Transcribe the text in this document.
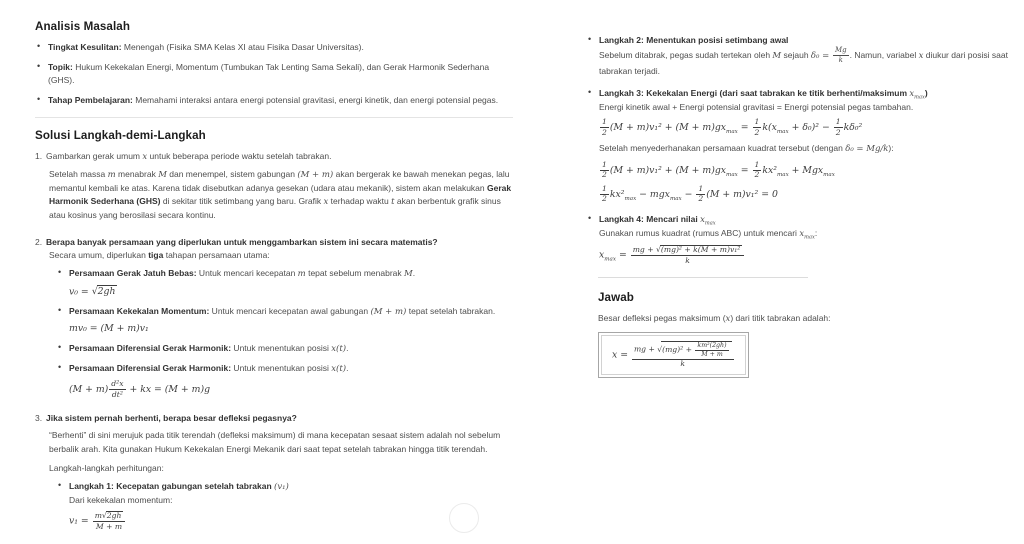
Analisis Masalah
• Tingkat Kesulitan: Menengah (Fisika SMA Kelas XI atau Fisika Dasar Universitas).
• Topik: Hukum Kekekalan Energi, Momentum (Tumbukan Tak Lenting Sama Sekali), dan Gerak Harmonik Sederhana (GHS).
• Tahap Pembelajaran: Memahami interaksi antara energi potensial gravitasi, energi kinetik, dan energi potensial pegas.
Solusi Langkah-demi-Langkah
1. Gambarkan gerak umum x untuk beberapa periode waktu setelah tabrakan.
Setelah massa m menabrak M dan menempel, sistem gabungan (M + m) akan bergerak ke bawah menekan pegas, lalu memantul kembali ke atas. Karena tidak disebutkan adanya gesekan (udara atau mekanik), sistem akan melakukan Gerak Harmonik Sederhana (GHS) di sekitar titik setimbang yang baru. Grafik x terhadap waktu t akan berbentuk grafik sinus atau kosinus yang berosilasi secara kontinu.
2. Berapa banyak persamaan yang diperlukan untuk menggambarkan sistem ini secara matematis?
Secara umum, diperlukan tiga tahapan persamaan utama:
• Persamaan Gerak Jatuh Bebas: Untuk mencari kecepatan m tepat sebelum menabrak M.
v₀ = √2gh
• Persamaan Kekekalan Momentum: Untuk mencari kecepatan awal gabungan (M + m) tepat setelah tabrakan.
mv₀ = (M + m)v₁
• Persamaan Diferensial Gerak Harmonik: Untuk menentukan posisi x(t).
• Persamaan Diferensial Gerak Harmonik: Untuk menentukan posisi x(t).
$(M + m) \frac{\text{d²x}}{\text{dt²}}$ + kx = (M + m)g
3. Jika sistem pernah berhenti, berapa besar defleksi pegasnya?
“Berhenti” di sini merujuk pada titik terendah (defleksi maksimum) di mana kecepatan sesaat sistem adalah nol sebelum berbalik arah. Kita gunakan Hukum Kekekalan Energi Mekanik dari saat tepat setelah tabrakan hingga titik terendah.
Langkah-langkah perhitungan:
• Langkah 1: Kecepatan gabungan setelah tabrakan (v₁)
Dari kekekalan momentum:
$v_1 = \frac{m√2gh}{M + m}$
• Langkah 2: Menentukan posisi setimbang awal
Sebelum ditabrak, pegas sudah tertekan oleh M sejauh $\delta_0 = \frac{Mg}{k}$ . Namun, variabel x diukur dari posisi saat tabrakan terjadi.
• Langkah 3: Kekekalan Energi (dari saat tabrakan ke titik berhenti/maksimum $x_{max}$)
Energi kinetik awal + Energi potensial gravitasi = Energi potensial pegas tambahan.
$\frac{1}{2} (M + m)v_1^2 + (M + m)gx_{max} = \frac{1}{2} k(x_{max} + \delta_0)^2 - \frac{1}{2} k\delta_0^2$
Setelah menyederhanakan persamaan kuadrat tersebut (dengan δ₀ = Mg/k):
$\frac{1}{2} (M + m)v_1^2 + (M + m)gx_{max} = \frac{1}{2} kx^2_{max} + Mgx_{max}$
$\frac{1}{2} kx^2_{max} - mgx_{max} - \frac{1}{2} (M + m)v_1^2 = 0$
• Langkah 4: Mencari nilai $x_{max}$
Gunakan rumus kuadrat (rumus ABC) untuk mencari $x_{max}$:
$x_{max} = \frac{\text{mg + √(mg)² + k(M + m)v₁²}}{k}$
Jawab
Besar defleksi pegas maksimum (x) dari titik tabrakan adalah:
$x = \frac{mg + √(mg)^2 + \frac{\text{km²(2gh)}}{M + m}}{k}$
